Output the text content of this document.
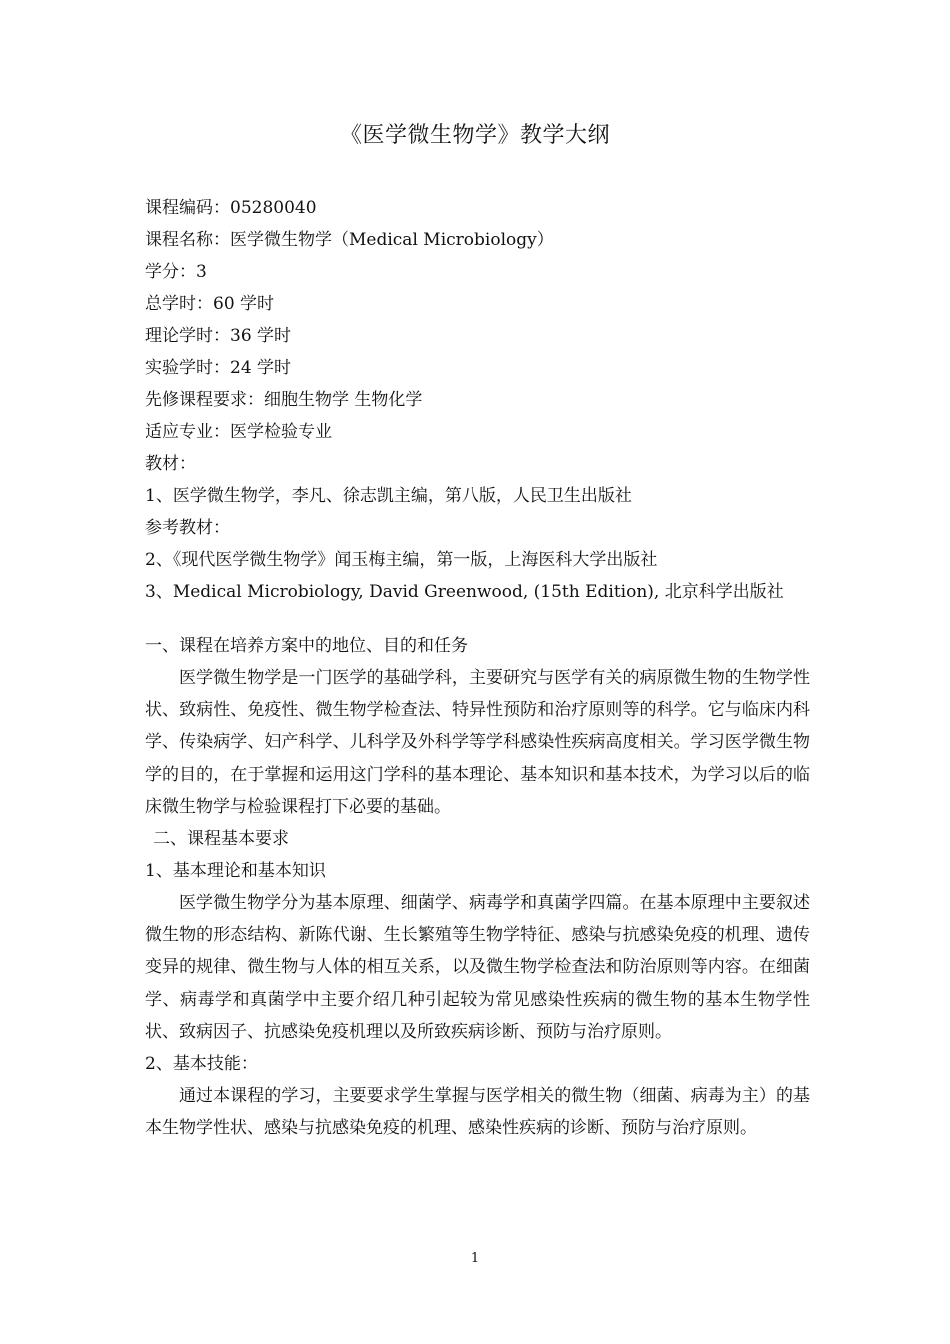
《医学微生物学》教学大纲
课程编码：05280040
课程名称：医学微生物学（Medical Microbiology）
学分：3
总学时：60 学时
理论学时：36 学时
实验学时：24 学时
先修课程要求：细胞生物学 生物化学
适应专业：医学检验专业
教材：
1、医学微生物学，李凡、徐志凯主编，第八版，人民卫生出版社
参考教材：
2、《现代医学微生物学》闻玉梅主编，第一版，上海医科大学出版社
3、Medical Microbiology, David Greenwood, (15th Edition), 北京科学出版社
一、课程在培养方案中的地位、目的和任务

医学微生物学是一门医学的基础学科，主要研究与医学有关的病原微生物的生物学性状、致病性、免疫性、微生物学检查法、特异性预防和治疗原则等的科学。它与临床内科学、传染病学、妇产科学、儿科学及外科学等学科感染性疾病高度相关。学习医学微生物学的目的，在于掌握和运用这门学科的基本理论、基本知识和基本技术，为学习以后的临床微生物学与检验课程打下必要的基础。

二、课程基本要求
1、基本理论和基本知识

医学微生物学分为基本原理、细菌学、病毒学和真菌学四篇。在基本原理中主要叙述微生物的形态结构、新陈代谢、生长繁殖等生物学特征、感染与抗感染免疫的机理、遗传变异的规律、微生物与人体的相互关系，以及微生物学检查法和防治原则等内容。在细菌学、病毒学和真菌学中主要介绍几种引起较为常见感染性疾病的微生物的基本生物学性状、致病因子、抗感染免疫机理以及所致疾病诊断、预防与治疗原则。

2、基本技能：

通过本课程的学习，主要要求学生掌握与医学相关的微生物（细菌、病毒为主）的基本生物学性状、感染与抗感染免疫的机理、感染性疾病的诊断、预防与治疗原则。

1
